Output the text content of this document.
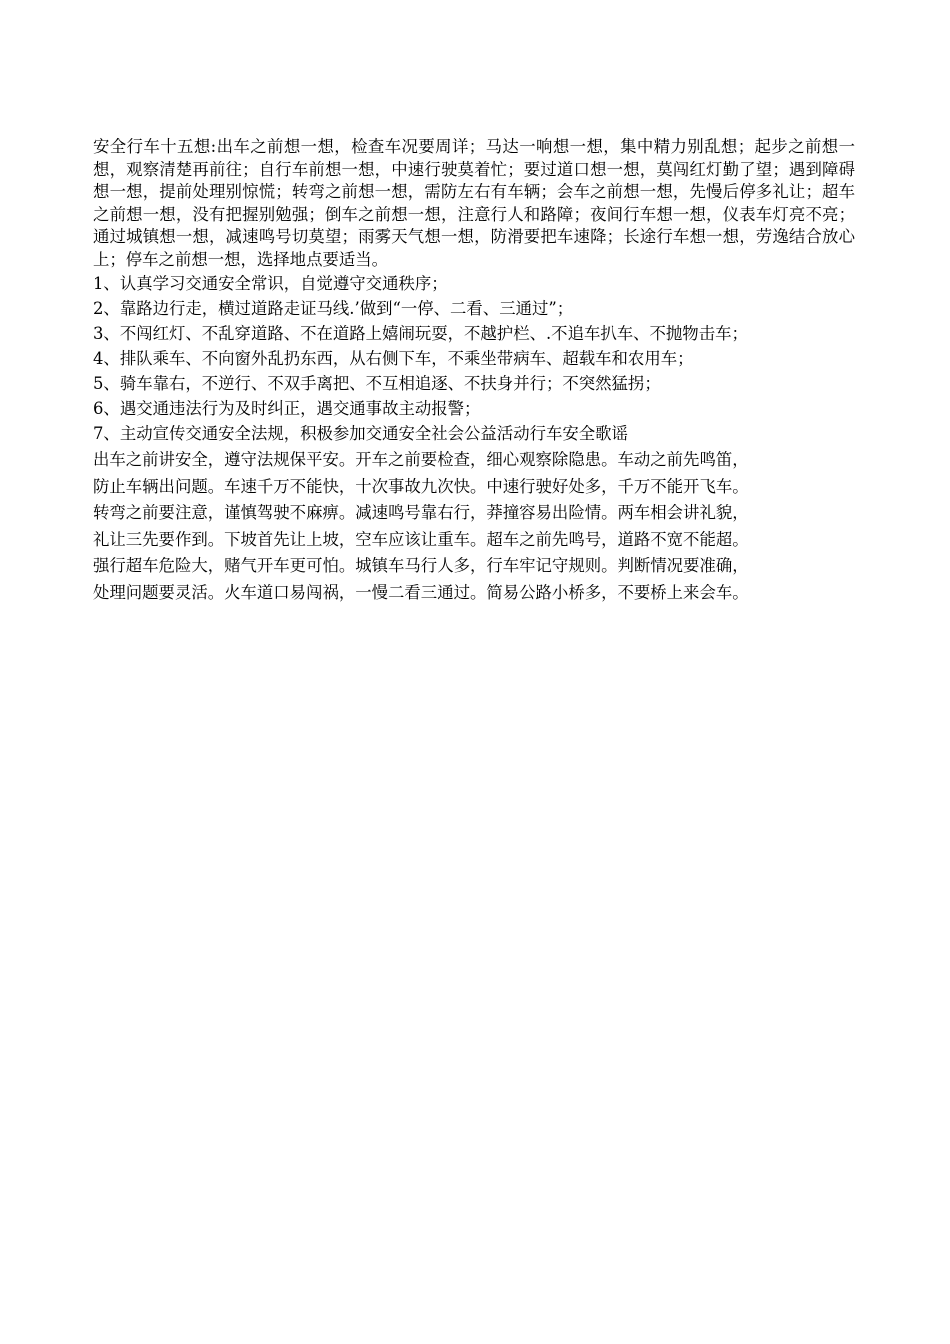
安全行车十五想:出车之前想一想，检查车况要周详；马达一响想一想，集中精力别乱想；起步之前想一想，观察清楚再前往；自行车前想一想，中速行驶莫着忙；要过道口想一想，莫闯红灯勤了望；遇到障碍想一想，提前处理别惊慌；转弯之前想一想，需防左右有车辆；会车之前想一想，先慢后停多礼让；超车之前想一想，没有把握别勉强；倒车之前想一想，注意行人和路障；夜间行车想一想，仪表车灯亮不亮；通过城镇想一想，减速鸣号切莫望；雨雾天气想一想，防滑要把车速降；长途行车想一想，劳逸结合放心上；停车之前想一想，选择地点要适当。

1、认真学习交通安全常识，自觉遵守交通秩序；
2、靠路边行走，横过道路走证马线.’做到“一停、二看、三通过”；
3、不闯红灯、不乱穿道路、不在道路上嬉闹玩耍，不越护栏、.不追车扒车、不抛物击车；
4、排队乘车、不向窗外乱扔东西，从右侧下车，不乘坐带病车、超载车和农用车；
5、骑车靠右，不逆行、不双手离把、不互相追逐、不扶身并行；不突然猛拐；
6、遇交通违法行为及时纠正，遇交通事故主动报警；
7、主动宣传交通安全法规，积极参加交通安全社会公益活动行车安全歌谣
出车之前讲安全，遵守法规保平安。开车之前要检查，细心观察除隐患。车动之前先鸣笛，
防止车辆出问题。车速千万不能快，十次事故九次快。中速行驶好处多，千万不能开飞车。
转弯之前要注意，谨慎驾驶不麻痹。减速鸣号靠右行，莽撞容易出险情。两车相会讲礼貌，
礼让三先要作到。下坡首先让上坡，空车应该让重车。超车之前先鸣号，道路不宽不能超。
强行超车危险大，赌气开车更可怕。城镇车马行人多，行车牢记守规则。判断情况要准确，
处理问题要灵活。火车道口易闯祸，一慢二看三通过。简易公路小桥多，不要桥上来会车。
